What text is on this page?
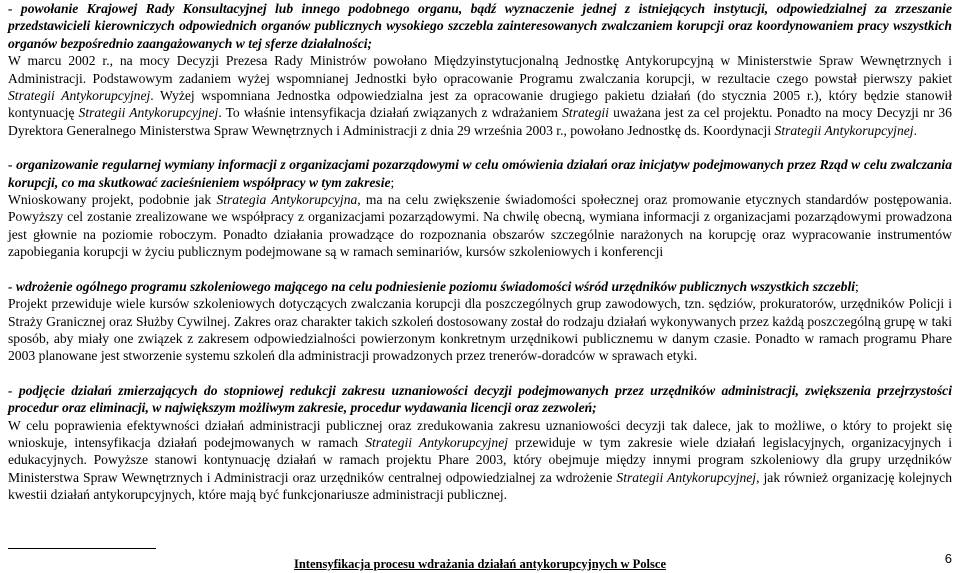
- powołanie Krajowej Rady Konsultacyjnej lub innego podobnego organu, bądź wyznaczenie jednej z istniejących instytucji, odpowiedzialnej za zrzeszanie przedstawicieli kierowniczych odpowiednich organów publicznych wysokiego szczebla zainteresowanych zwalczaniem korupcji oraz koordynowaniem pracy wszystkich organów bezpośrednio zaangażowanych w tej sferze działalności;
W marcu 2002 r., na mocy Decyzji Prezesa Rady Ministrów powołano Międzyinstytucjonalną Jednostkę Antykorupcyjną w Ministerstwie Spraw Wewnętrznych i Administracji. Podstawowym zadaniem wyżej wspomnianej Jednostki było opracowanie Programu zwalczania korupcji, w rezultacie czego powstał pierwszy pakiet Strategii Antykorupcyjnej. Wyżej wspomniana Jednostka odpowiedzialna jest za opracowanie drugiego pakietu działań (do stycznia 2005 r.), który będzie stanowił kontynuację Strategii Antykorupcyjnej. To właśnie intensyfikacja działań związanych z wdrażaniem Strategii uważana jest za cel projektu. Ponadto na mocy Decyzji nr 36 Dyrektora Generalnego Ministerstwa Spraw Wewnętrznych i Administracji z dnia 29 września 2003 r., powołano Jednostkę ds. Koordynacji Strategii Antykorupcyjnej.

- organizowanie regularnej wymiany informacji z organizacjami pozarządowymi w celu omówienia działań oraz inicjatyw podejmowanych przez Rząd w celu zwalczania korupcji, co ma skutkować zacieśnieniem współpracy w tym zakresie;
Wnioskowany projekt, podobnie jak Strategia Antykorupcyjna, ma na celu zwiększenie świadomości społecznej oraz promowanie etycznych standardów postępowania. Powyższy cel zostanie zrealizowane we współpracy z organizacjami pozarządowymi. Na chwilę obecną, wymiana informacji z organizacjami pozarządowymi prowadzona jest głownie na poziomie roboczym. Ponadto działania prowadzące do rozpoznania obszarów szczególnie narażonych na korupcję oraz wypracowanie instrumentów zapobiegania korupcji w życiu publicznym podejmowane są w ramach seminariów, kursów szkoleniowych i konferencji

- wdrożenie ogólnego programu szkoleniowego mającego na celu podniesienie poziomu świadomości wśród urzędników publicznych wszystkich szczebli;
Projekt przewiduje wiele kursów szkoleniowych dotyczących zwalczania korupcji dla poszczególnych grup zawodowych, tzn. sędziów, prokuratorów, urzędników Policji i Straży Granicznej oraz Służby Cywilnej. Zakres oraz charakter takich szkoleń dostosowany został do rodzaju działań wykonywanych przez każdą poszczególną grupę w taki sposób, aby miały one związek z zakresem odpowiedzialności powierzonym konkretnym urzędnikowi publicznemu w danym czasie. Ponadto w ramach programu Phare 2003 planowane jest stworzenie systemu szkoleń dla administracji prowadzonych przez trenerów-doradców w sprawach etyki.

- podjęcie działań zmierzających do stopniowej redukcji zakresu uznaniowości decyzji podejmowanych przez urzędników administracji, zwiększenia przejrzystości procedur oraz eliminacji, w największym możliwym zakresie, procedur wydawania licencji oraz zezwoleń;
W celu poprawienia efektywności działań administracji publicznej oraz zredukowania zakresu uznaniowości decyzji tak dalece, jak to możliwe, o który to projekt się wnioskuje, intensyfikacja działań podejmowanych w ramach Strategii Antykorupcyjnej przewiduje w tym zakresie wiele działań legislacyjnych, organizacyjnych i edukacyjnych. Powyższe stanowi kontynuację działań w ramach projektu Phare 2003, który obejmuje między innymi program szkoleniowy dla grupy urzędników Ministerstwa Spraw Wewnętrznych i Administracji oraz urzędników centralnej odpowiedzialnej za wdrożenie Strategii Antykorupcyjnej, jak również organizację kolejnych kwestii działań antykorupcyjnych, które mają być funkcjonariusze administracji publicznej.

Intensyfikacja procesu wdrażania działań antykorupcyjnych w Polsce	6
